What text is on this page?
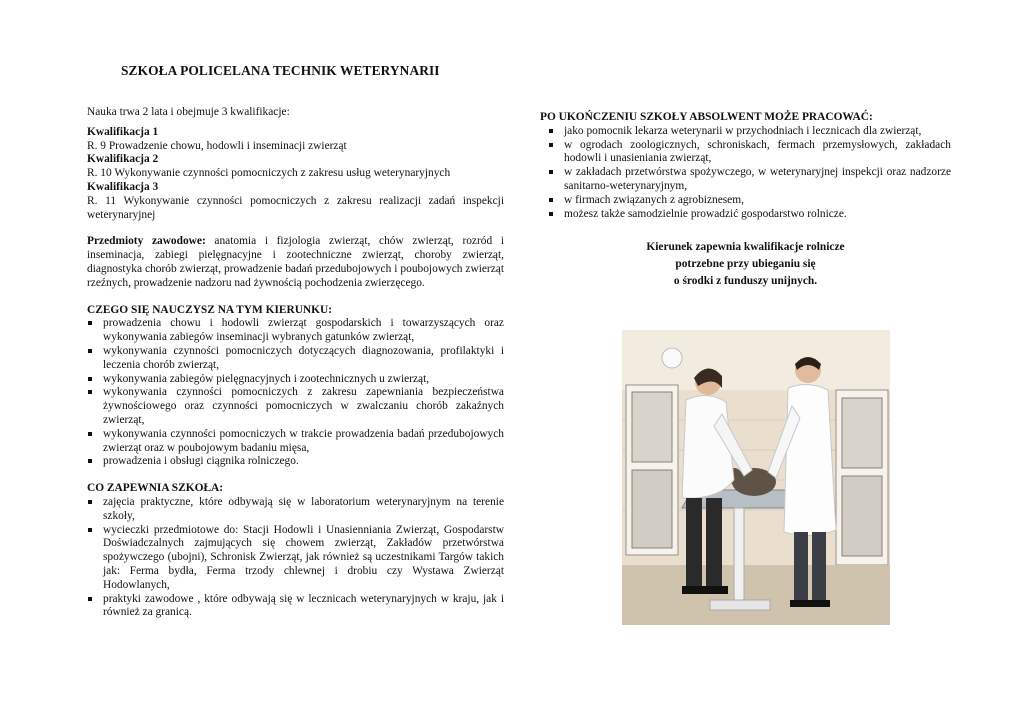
SZKOŁA POLICELANA TECHNIK WETERYNARII

Nauka trwa 2 lata i obejmuje 3 kwalifikacje:

Kwalifikacja 1

R. 9 Prowadzenie chowu, hodowli i inseminacji zwierząt

Kwalifikacja 2

R. 10 Wykonywanie czynności pomocniczych z zakresu usług weterynaryjnych

Kwalifikacja 3

R. 11 Wykonywanie czynności pomocniczych z zakresu realizacji zadań inspekcji weterynaryjnej

Przedmioty zawodowe: anatomia i fizjologia zwierząt, chów zwierząt, rozród i inseminacja, zabiegi pielęgnacyjne i zootechniczne zwierząt, choroby zwierząt, diagnostyka chorób zwierząt, prowadzenie badań przedubojowych i poubojowych zwierząt rzeźnych, prowadzenie nadzoru nad żywnością pochodzenia zwierzęcego.

CZEGO SIĘ NAUCZYSZ NA TYM KIERUNKU:

prowadzenia chowu i hodowli zwierząt gospodarskich i towarzyszących oraz wykonywania zabiegów inseminacji wybranych gatunków zwierząt,
wykonywania czynności pomocniczych dotyczących diagnozowania, profilaktyki i leczenia chorób zwierząt,
wykonywania zabiegów pielęgnacyjnych i zootechnicznych u zwierząt,
wykonywania czynności pomocniczych z zakresu zapewniania bezpieczeństwa żywnościowego oraz czynności pomocniczych w zwalczaniu chorób zakaźnych zwierząt,
wykonywania czynności pomocniczych w trakcie prowadzenia badań przedubojowych zwierząt oraz w poubojowym badaniu mięsa,
prowadzenia i obsługi ciągnika rolniczego.

CO ZAPEWNIA SZKOŁA:

zajęcia praktyczne, które odbywają się w laboratorium weterynaryjnym na terenie szkoły,
wycieczki przedmiotowe do: Stacji Hodowli i Unasienniania Zwierząt, Gospodarstw Doświadczalnych zajmujących się chowem zwierząt, Zakładów przetwórstwa spożywczego (ubojni), Schronisk Zwierząt, jak również są uczestnikami Targów takich jak: Ferma bydła, Ferma trzody chlewnej i drobiu czy Wystawa Zwierząt Hodowlanych,
praktyki zawodowe , które odbywają się w lecznicach weterynaryjnych w kraju, jak i również za granicą.

PO UKOŃCZENIU SZKOŁY ABSOLWENT MOŻE PRACOWAĆ:

jako pomocnik lekarza weterynarii w przychodniach i lecznicach dla zwierząt,
w ogrodach zoologicznych, schroniskach, fermach przemysłowych, zakładach hodowli i unasieniania zwierząt,
w zakładach przetwórstwa spożywczego, w weterynaryjnej inspekcji oraz nadzorze sanitarno-weterynaryjnym,
w firmach związanych z agrobiznesem,
możesz także samodzielnie prowadzić gospodarstwo rolnicze.
Kierunek zapewnia kwalifikacje rolnicze
potrzebne przy ubieganiu się
o środki z funduszy unijnych.
